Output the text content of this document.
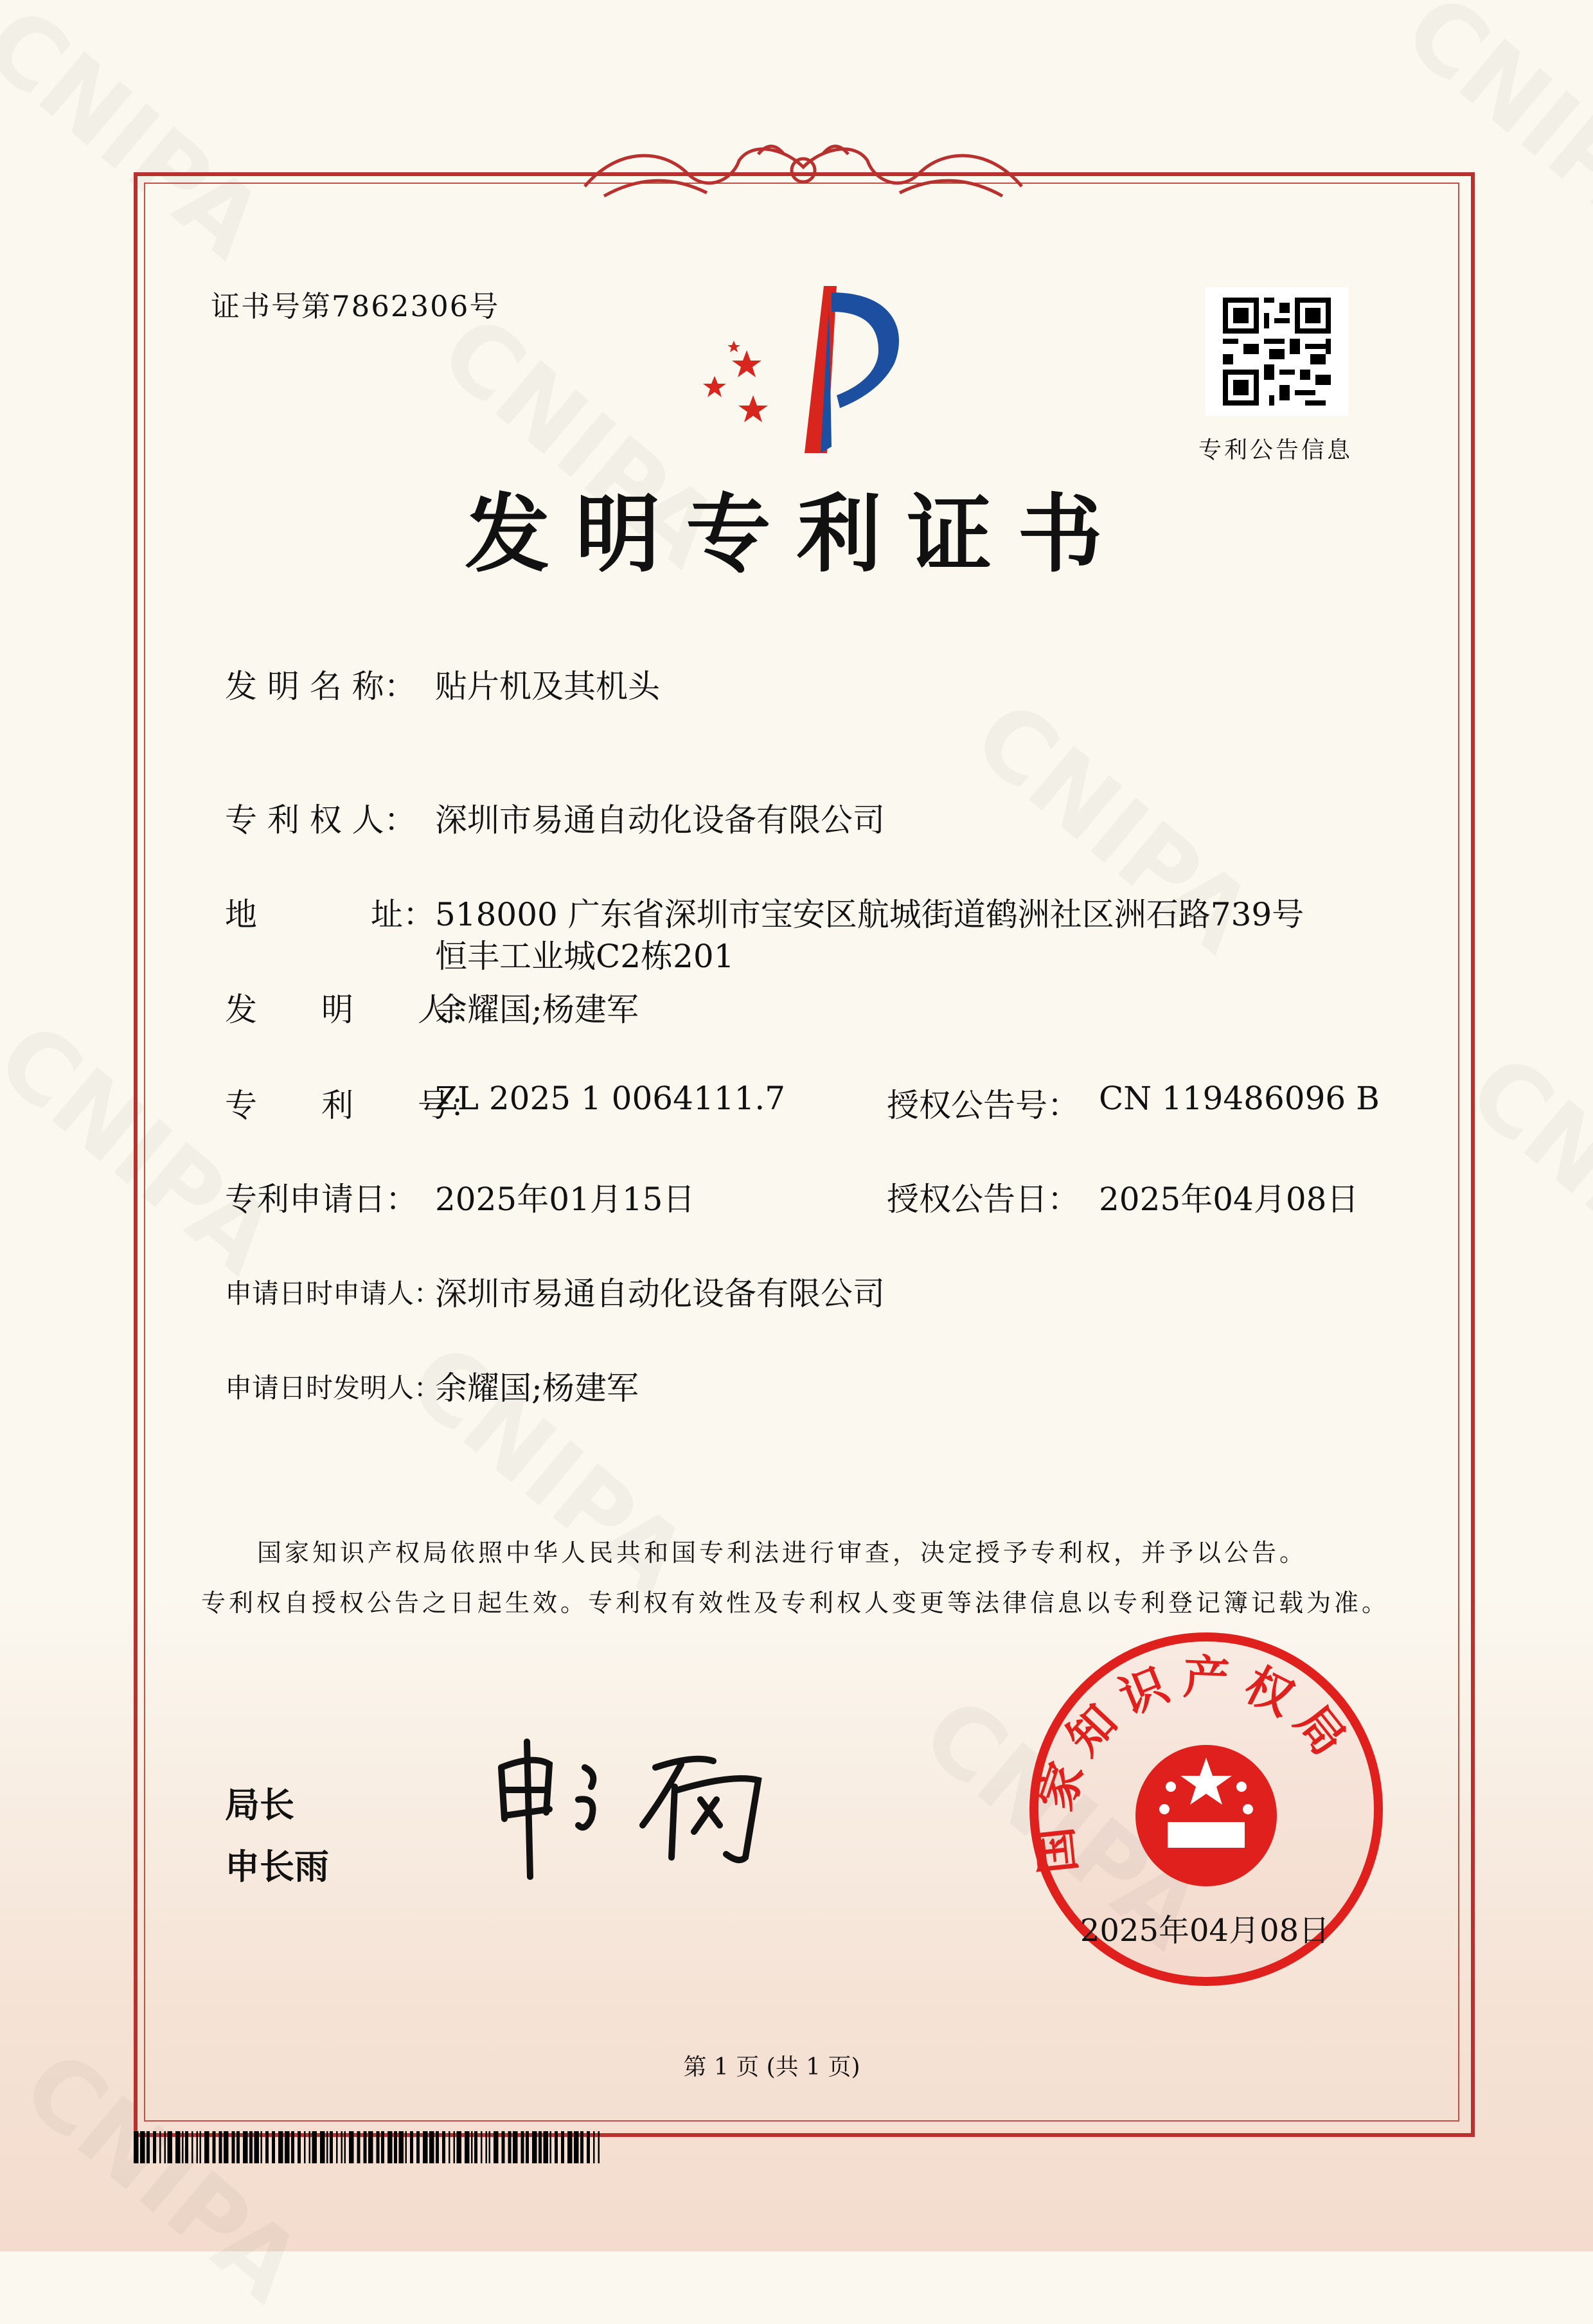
证书号第7862306号
专利公告信息
发明专利证书
发 明 名 称： 贴片机及其机头
专 利 权 人： 深圳市易通自动化设备有限公司
地	址： 518000 广东省深圳市宝安区航城街道鹤洲社区洲石路739号
恒丰工业城C2栋201
发　　明　　人：
余耀国;杨建军
专　　利　　号：
ZL 2025 1 0064111.7	授权公告号： CN 119486096 B
专利申请日： 2025年01月15日	授权公告日： 2025年04月08日
申请日时申请人：
深圳市易通自动化设备有限公司
申请日时发明人：
余耀国;杨建军
国家知识产权局依照中华人民共和国专利法进行审查，决定授予专利权，并予以公告。
专利权自授权公告之日起生效。专利权有效性及专利权人变更等法律信息以专利登记簿记载为准。
局长
申长雨	国家知识产权局
2025年04月08日
第 1 页 (共 1 页)
